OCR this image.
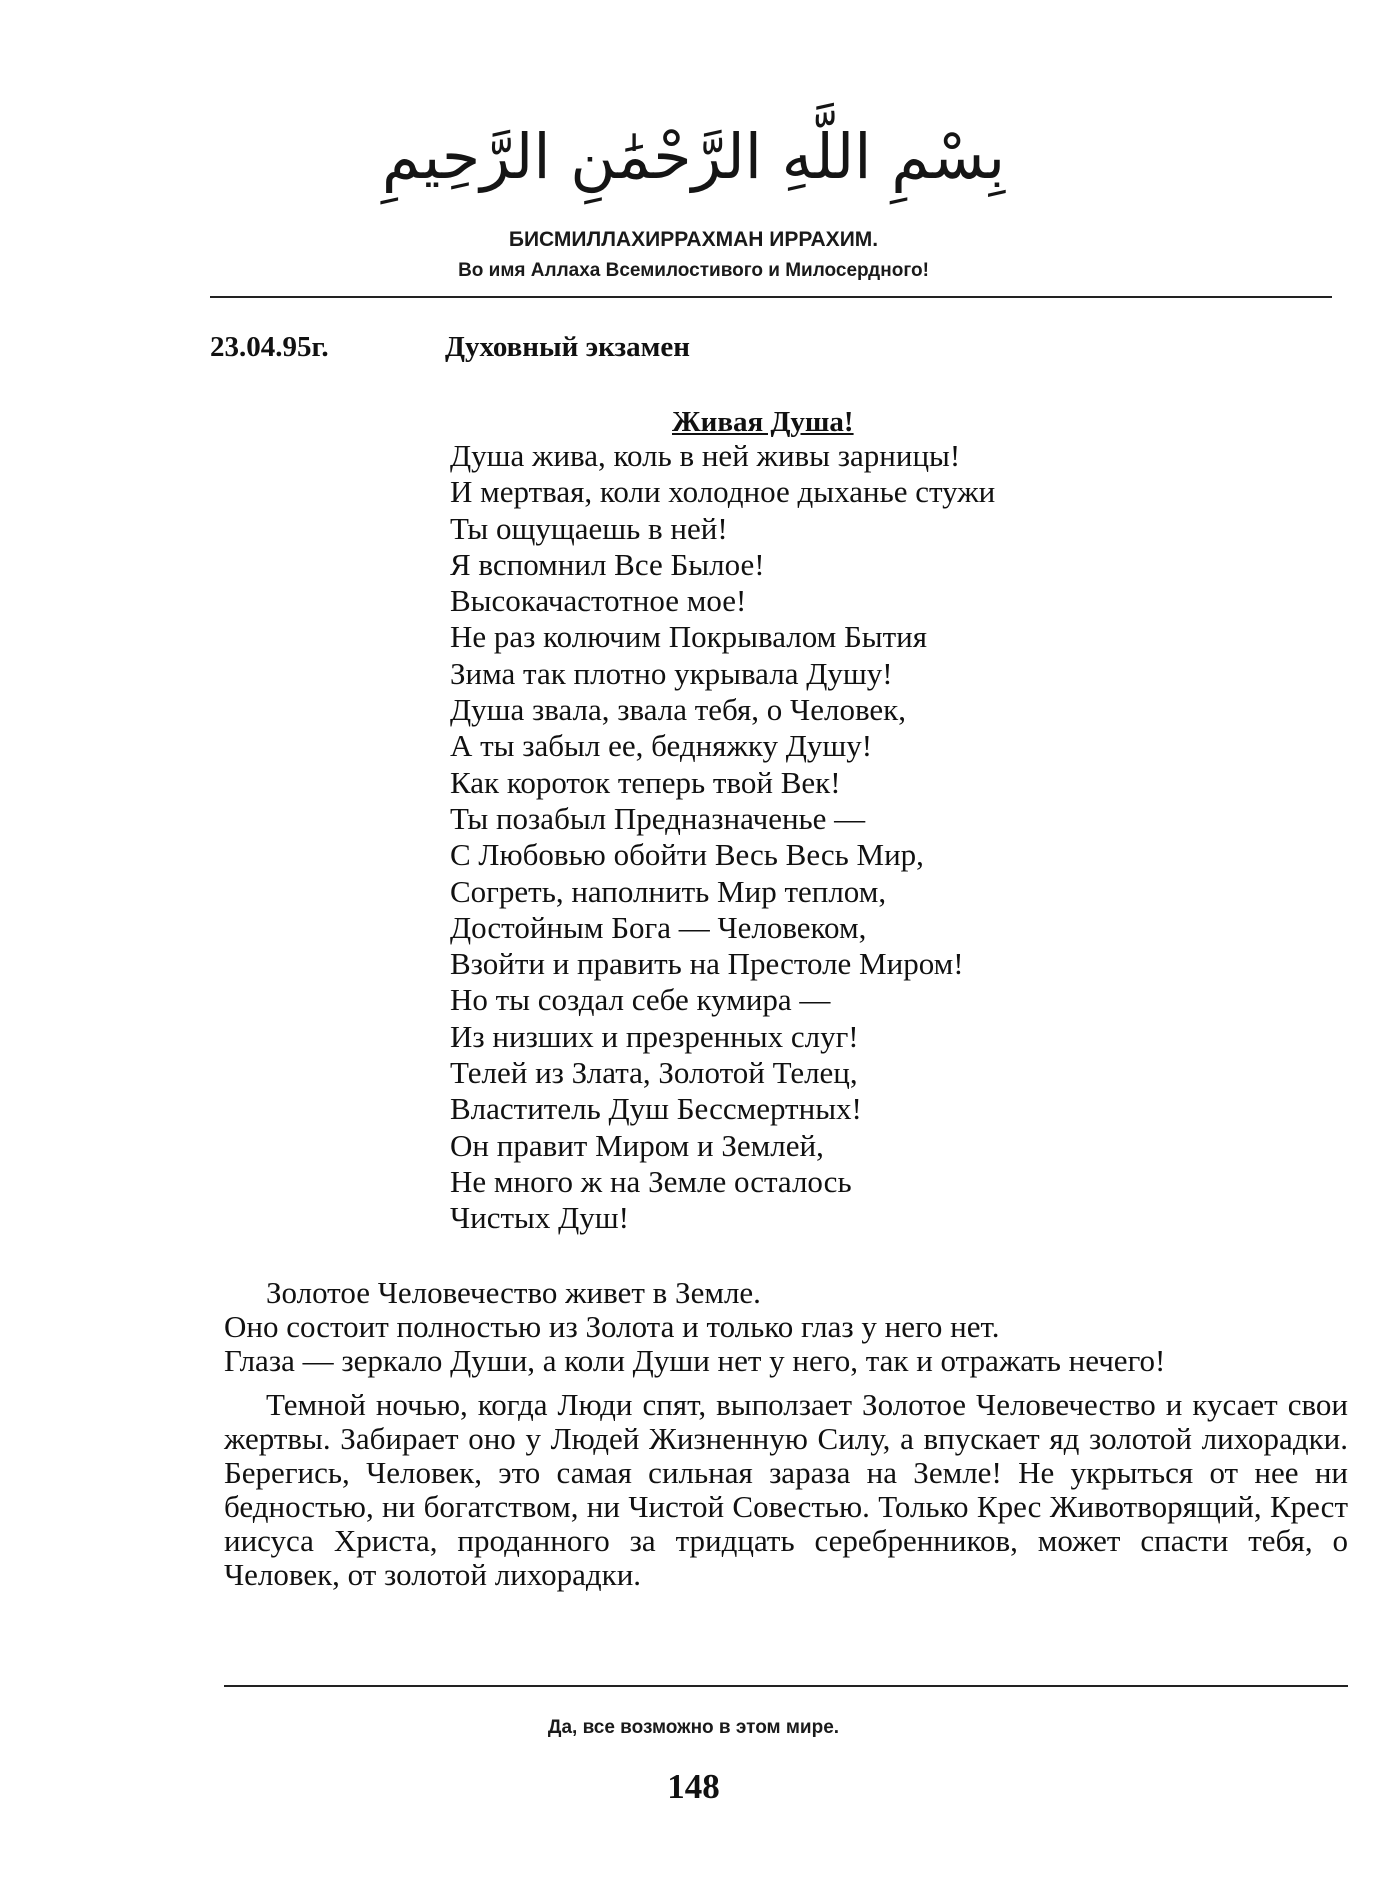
بِسْمِ اللَّهِ الرَّحْمَٰنِ الرَّحِيمِ
БИСМИЛЛАХИРРАХМАН ИРРАХИМ.
Во имя Аллаха Всемилостивого и Милосердного!
23.04.95г.	Духовный экзамен
Живая Душа!
Душа жива, коль в ней живы зарницы!
И мертвая, коли холодное дыханье стужи
Ты ощущаешь в ней!
Я вспомнил Все Былое!
Высокачастотное мое!
Не раз колючим Покрывалом Бытия
Зима так плотно укрывала Душу!
Душа звала, звала тебя, о Человек,
А ты забыл ее, бедняжку Душу!
Как короток теперь твой Век!
Ты позабыл Предназначенье —
С Любовью обойти Весь Весь Мир,
Согреть, наполнить Мир теплом,
Достойным Бога — Человеком,
Взойти и править на Престоле Миром!
Но ты создал себе кумира —
Из низших и презренных слуг!
Телей из Злата, Золотой Телец,
Властитель Душ Бессмертных!
Он правит Миром и Землей,
Не много ж на Земле осталось
Чистых Душ!
Золотое Человечество живет в Земле.
Оно состоит полностью из Золота и только глаз у него нет.
Глаза — зеркало Души, а коли Души нет у него, так и отражать нечего!
Темной ночью, когда Люди спят, выползает Золотое Человечество и кусает свои жертвы. Забирает оно у Людей Жизненную Силу, а впускает яд золотой лихорадки. Берегись, Человек, это самая сильная зараза на Земле! Не укрыться от нее ни бедностью, ни богатством, ни Чистой Совестью. Только Крес Животворящий, Крест иисуса Христа, проданного за тридцать серебренников, может спасти тебя, о Человек, от золотой лихорадки.
Да, все возможно в этом мире.
148
